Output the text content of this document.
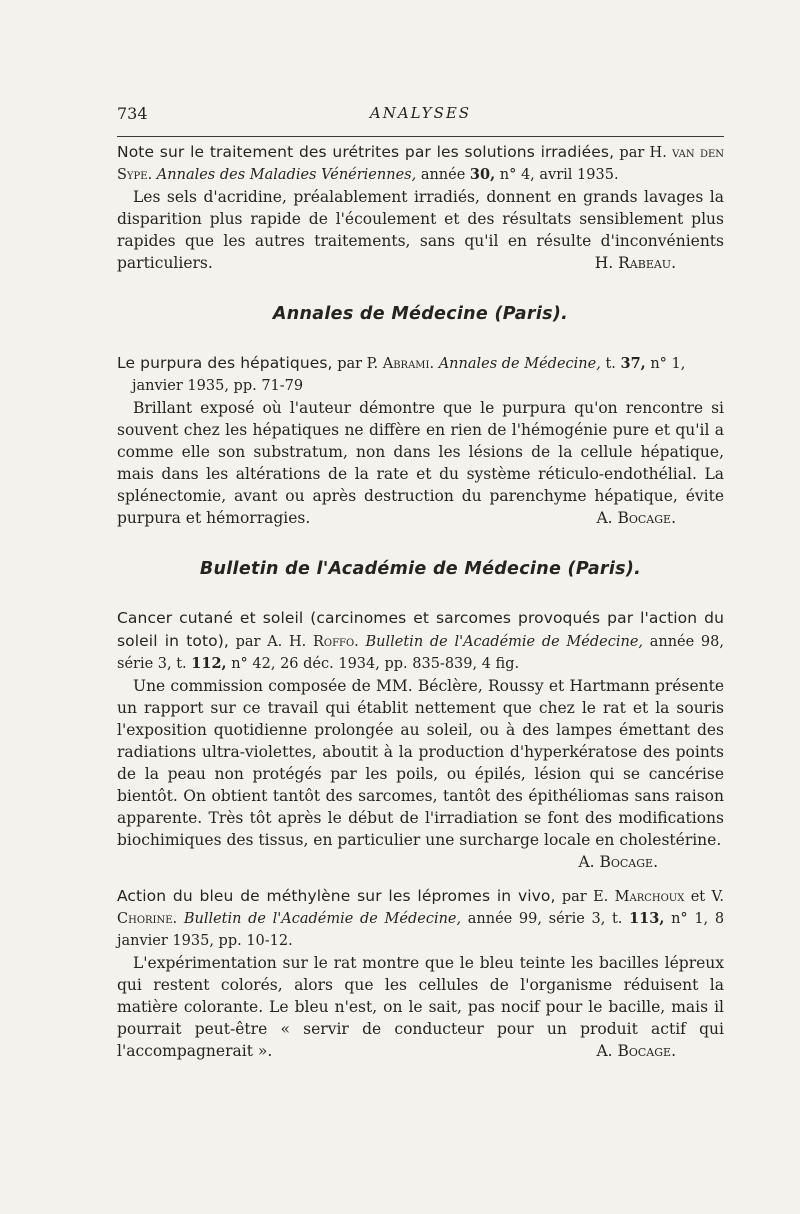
734	ANALYSES

Note sur le traitement des urétrites par les solutions irradiées, par H. van den Sype. Annales des Maladies Vénériennes, année 30, n° 4, avril 1935.

Les sels d'acridine, préalablement irradiés, donnent en grands lavages la disparition plus rapide de l'écoulement et des résultats sensiblement plus rapides que les autres traitements, sans qu'il en résulte d'inconvénients particuliers.	H. Rabeau.

Annales de Médecine (Paris).

Le purpura des hépatiques, par P. Abrami. Annales de Médecine, t. 37, n° 1,
janvier 1935, pp. 71-79

Brillant exposé où l'auteur démontre que le purpura qu'on rencontre si souvent chez les hépatiques ne diffère en rien de l'hémogénie pure et qu'il a comme elle son substratum, non dans les lésions de la cellule hépatique, mais dans les altérations de la rate et du système réticulo-endothélial. La splénectomie, avant ou après destruction du parenchyme hépatique, évite purpura et hémorragies.	A. Bocage.

Bulletin de l'Académie de Médecine (Paris).

Cancer cutané et soleil (carcinomes et sarcomes provoqués par l'action du soleil in toto), par A. H. Roffo. Bulletin de l'Académie de Médecine, année 98, série 3, t. 112, n° 42, 26 déc. 1934, pp. 835-839, 4 fig.

Une commission composée de MM. Béclère, Roussy et Hartmann présente un rapport sur ce travail qui établit nettement que chez le rat et la souris l'exposition quotidienne prolongée au soleil, ou à des lampes émettant des radiations ultra-violettes, aboutit à la production d'hyperkératose des points de la peau non protégés par les poils, ou épilés, lésion qui se cancérise bientôt. On obtient tantôt des sarcomes, tantôt des épithéliomas sans raison apparente. Très tôt après le début de l'irradiation se font des modifications biochimiques des tissus, en particulier une surcharge locale en cholestérine.

A. Bocage.

Action du bleu de méthylène sur les lépromes in vivo, par E. Marchoux et V. Chorine. Bulletin de l'Académie de Médecine, année 99, série 3, t. 113, n° 1, 8 janvier 1935, pp. 10-12.

L'expérimentation sur le rat montre que le bleu teinte les bacilles lépreux qui restent colorés, alors que les cellules de l'organisme réduisent la matière colorante. Le bleu n'est, on le sait, pas nocif pour le bacille, mais il pourrait peut-être « servir de conducteur pour un produit actif qui l'accompagnerait ».	A. Bocage.
